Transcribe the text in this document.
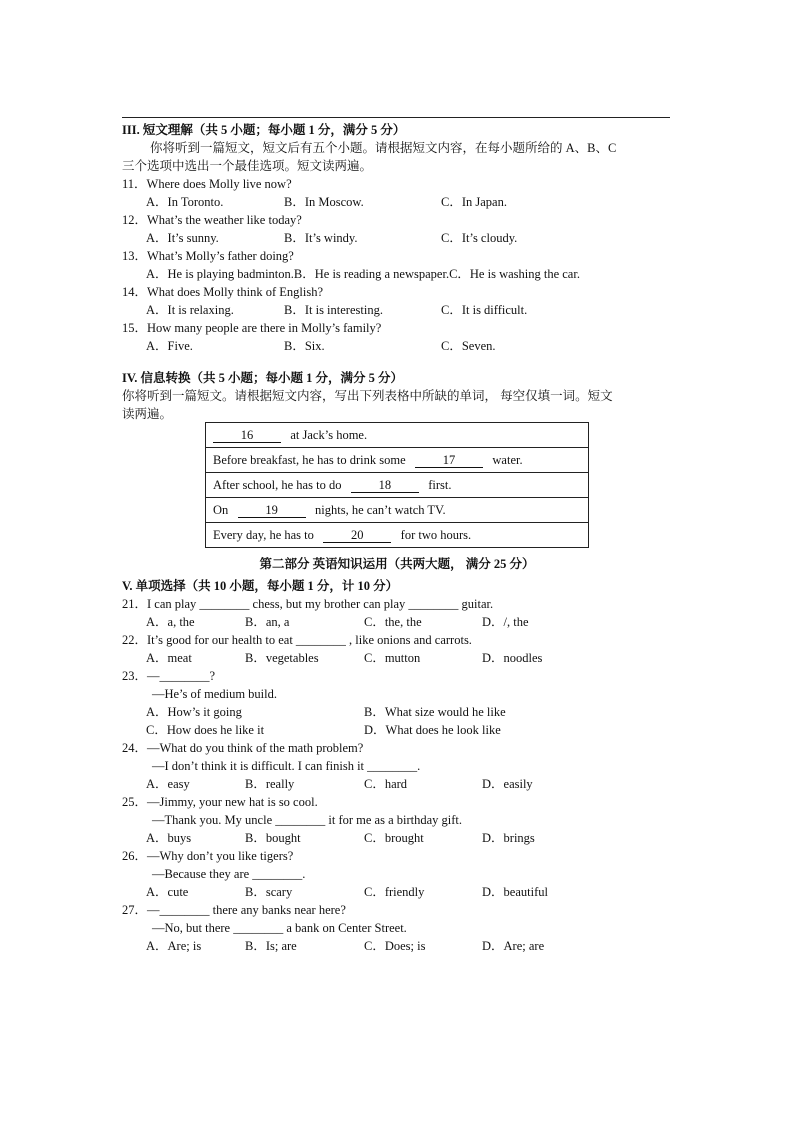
III. 短文理解（共 5 小题；每小题 1 分，满分 5 分）
你将听到一篇短文，短文后有五个小题。请根据短文内容，在每小题所给的 A、B、C
三个选项中选出一个最佳选项。短文读两遍。
11．Where does Molly live now?
A．In Toronto.	B．In Moscow.	C．In Japan.
12．What’s the weather like today?
A．It’s sunny.	B．It’s windy.	C．It’s cloudy.
13．What’s Molly’s father doing?
A．He is playing badminton.B．He is reading a newspaper.C．He is washing the car.
14．What does Molly think of English?
A．It is relaxing.	B．It is interesting.	C．It is difficult.
15．How many people are there in Molly’s family?
A．Five.	B．Six.	C．Seven.
IV. 信息转换（共 5 小题；每小题 1 分，满分 5 分）
你将听到一篇短文。请根据短文内容，写出下列表格中所缺的单词， 每空仅填一词。短文
读两遍。
16	at Jack’s home.
Before breakfast, he has to drink some	17	water.
After school, he has to do	18	first.
On	19	nights, he can’t watch TV.
Every day, he has to	20	for two hours.
第二部分 英语知识运用（共两大题， 满分 25 分）
V. 单项选择（共 10 小题，每小题 1 分，计 10 分）
21．I can play ________ chess, but my brother can play ________ guitar.
A．a, the	B．an, a	C．the, the	D．/, the
22．It’s good for our health to eat ________ , like onions and carrots.
A．meat	B．vegetables	C．mutton	D．noodles
23．—________?
—He’s of medium build.
A．How’s it going	B．What size would he like
C．How does he like it	D．What does he look like
24．—What do you think of the math problem?
—I don’t think it is difficult. I can finish it ________.
A．easy	B．really	C．hard	D．easily
25．—Jimmy, your new hat is so cool.
—Thank you. My uncle ________ it for me as a birthday gift.
A．buys	B．bought	C．brought	D．brings
26．—Why don’t you like tigers?
—Because they are ________.
A．cute	B．scary	C．friendly	D．beautiful
27．—________ there any banks near here?
—No, but there ________ a bank on Center Street.
A．Are; is	B．Is; are	C．Does; is	D．Are; are
